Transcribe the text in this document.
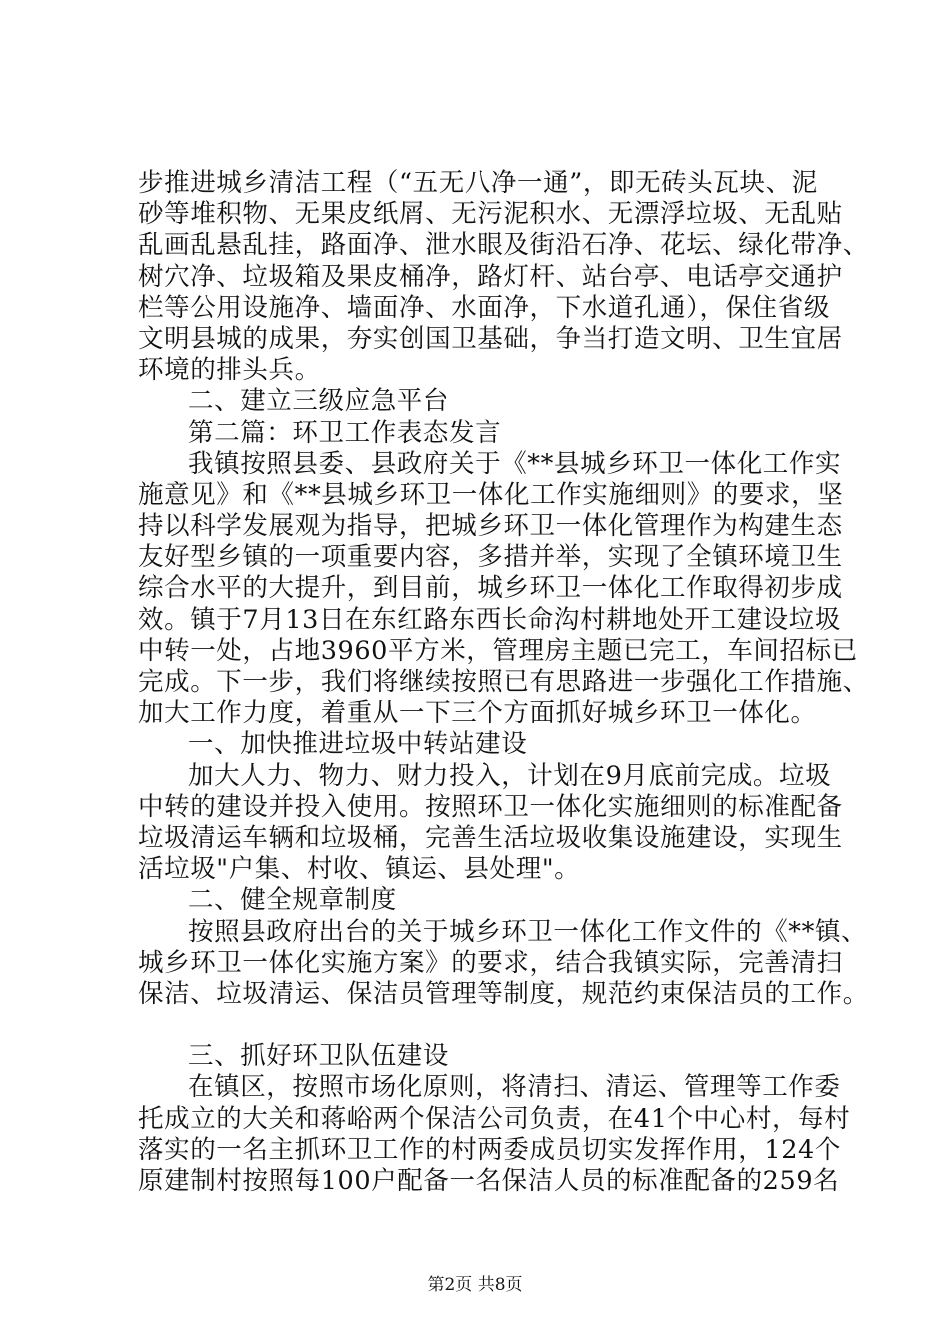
步推进城乡清洁工程（“五无八净一通”，即无砖头瓦块、泥
砂等堆积物、无果皮纸屑、无污泥积水、无漂浮垃圾、无乱贴
乱画乱悬乱挂，路面净、泄水眼及街沿石净、花坛、绿化带净、
树穴净、垃圾箱及果皮桶净，路灯杆、站台亭、电话亭交通护
栏等公用设施净、墙面净、水面净，下水道孔通），保住省级
文明县城的成果，夯实创国卫基础，争当打造文明、卫生宜居
环境的排头兵。
二、建立三级应急平台
第二篇：环卫工作表态发言
我镇按照县委、县政府关于《**县城乡环卫一体化工作实
施意见》和《**县城乡环卫一体化工作实施细则》的要求，坚
持以科学发展观为指导，把城乡环卫一体化管理作为构建生态
友好型乡镇的一项重要内容，多措并举，实现了全镇环境卫生
综合水平的大提升，到目前，城乡环卫一体化工作取得初步成
效。镇于7月13日在东红路东西长命沟村耕地处开工建设垃圾
中转一处，占地3960平方米，管理房主题已完工，车间招标已
完成。下一步，我们将继续按照已有思路进一步强化工作措施、
加大工作力度，着重从一下三个方面抓好城乡环卫一体化。
一、加快推进垃圾中转站建设
加大人力、物力、财力投入，计划在9月底前完成。垃圾
中转的建设并投入使用。按照环卫一体化实施细则的标准配备
垃圾清运车辆和垃圾桶，完善生活垃圾收集设施建设，实现生
活垃圾"户集、村收、镇运、县处理"。
二、健全规章制度
按照县政府出台的关于城乡环卫一体化工作文件的《**镇、
城乡环卫一体化实施方案》的要求，结合我镇实际，完善清扫
保洁、垃圾清运、保洁员管理等制度，规范约束保洁员的工作。
三、抓好环卫队伍建设
在镇区，按照市场化原则，将清扫、清运、管理等工作委
托成立的大关和蒋峪两个保洁公司负责，在41个中心村，每村
落实的一名主抓环卫工作的村两委成员切实发挥作用，124个
原建制村按照每100户配备一名保洁人员的标准配备的259名
第2页 共8页
